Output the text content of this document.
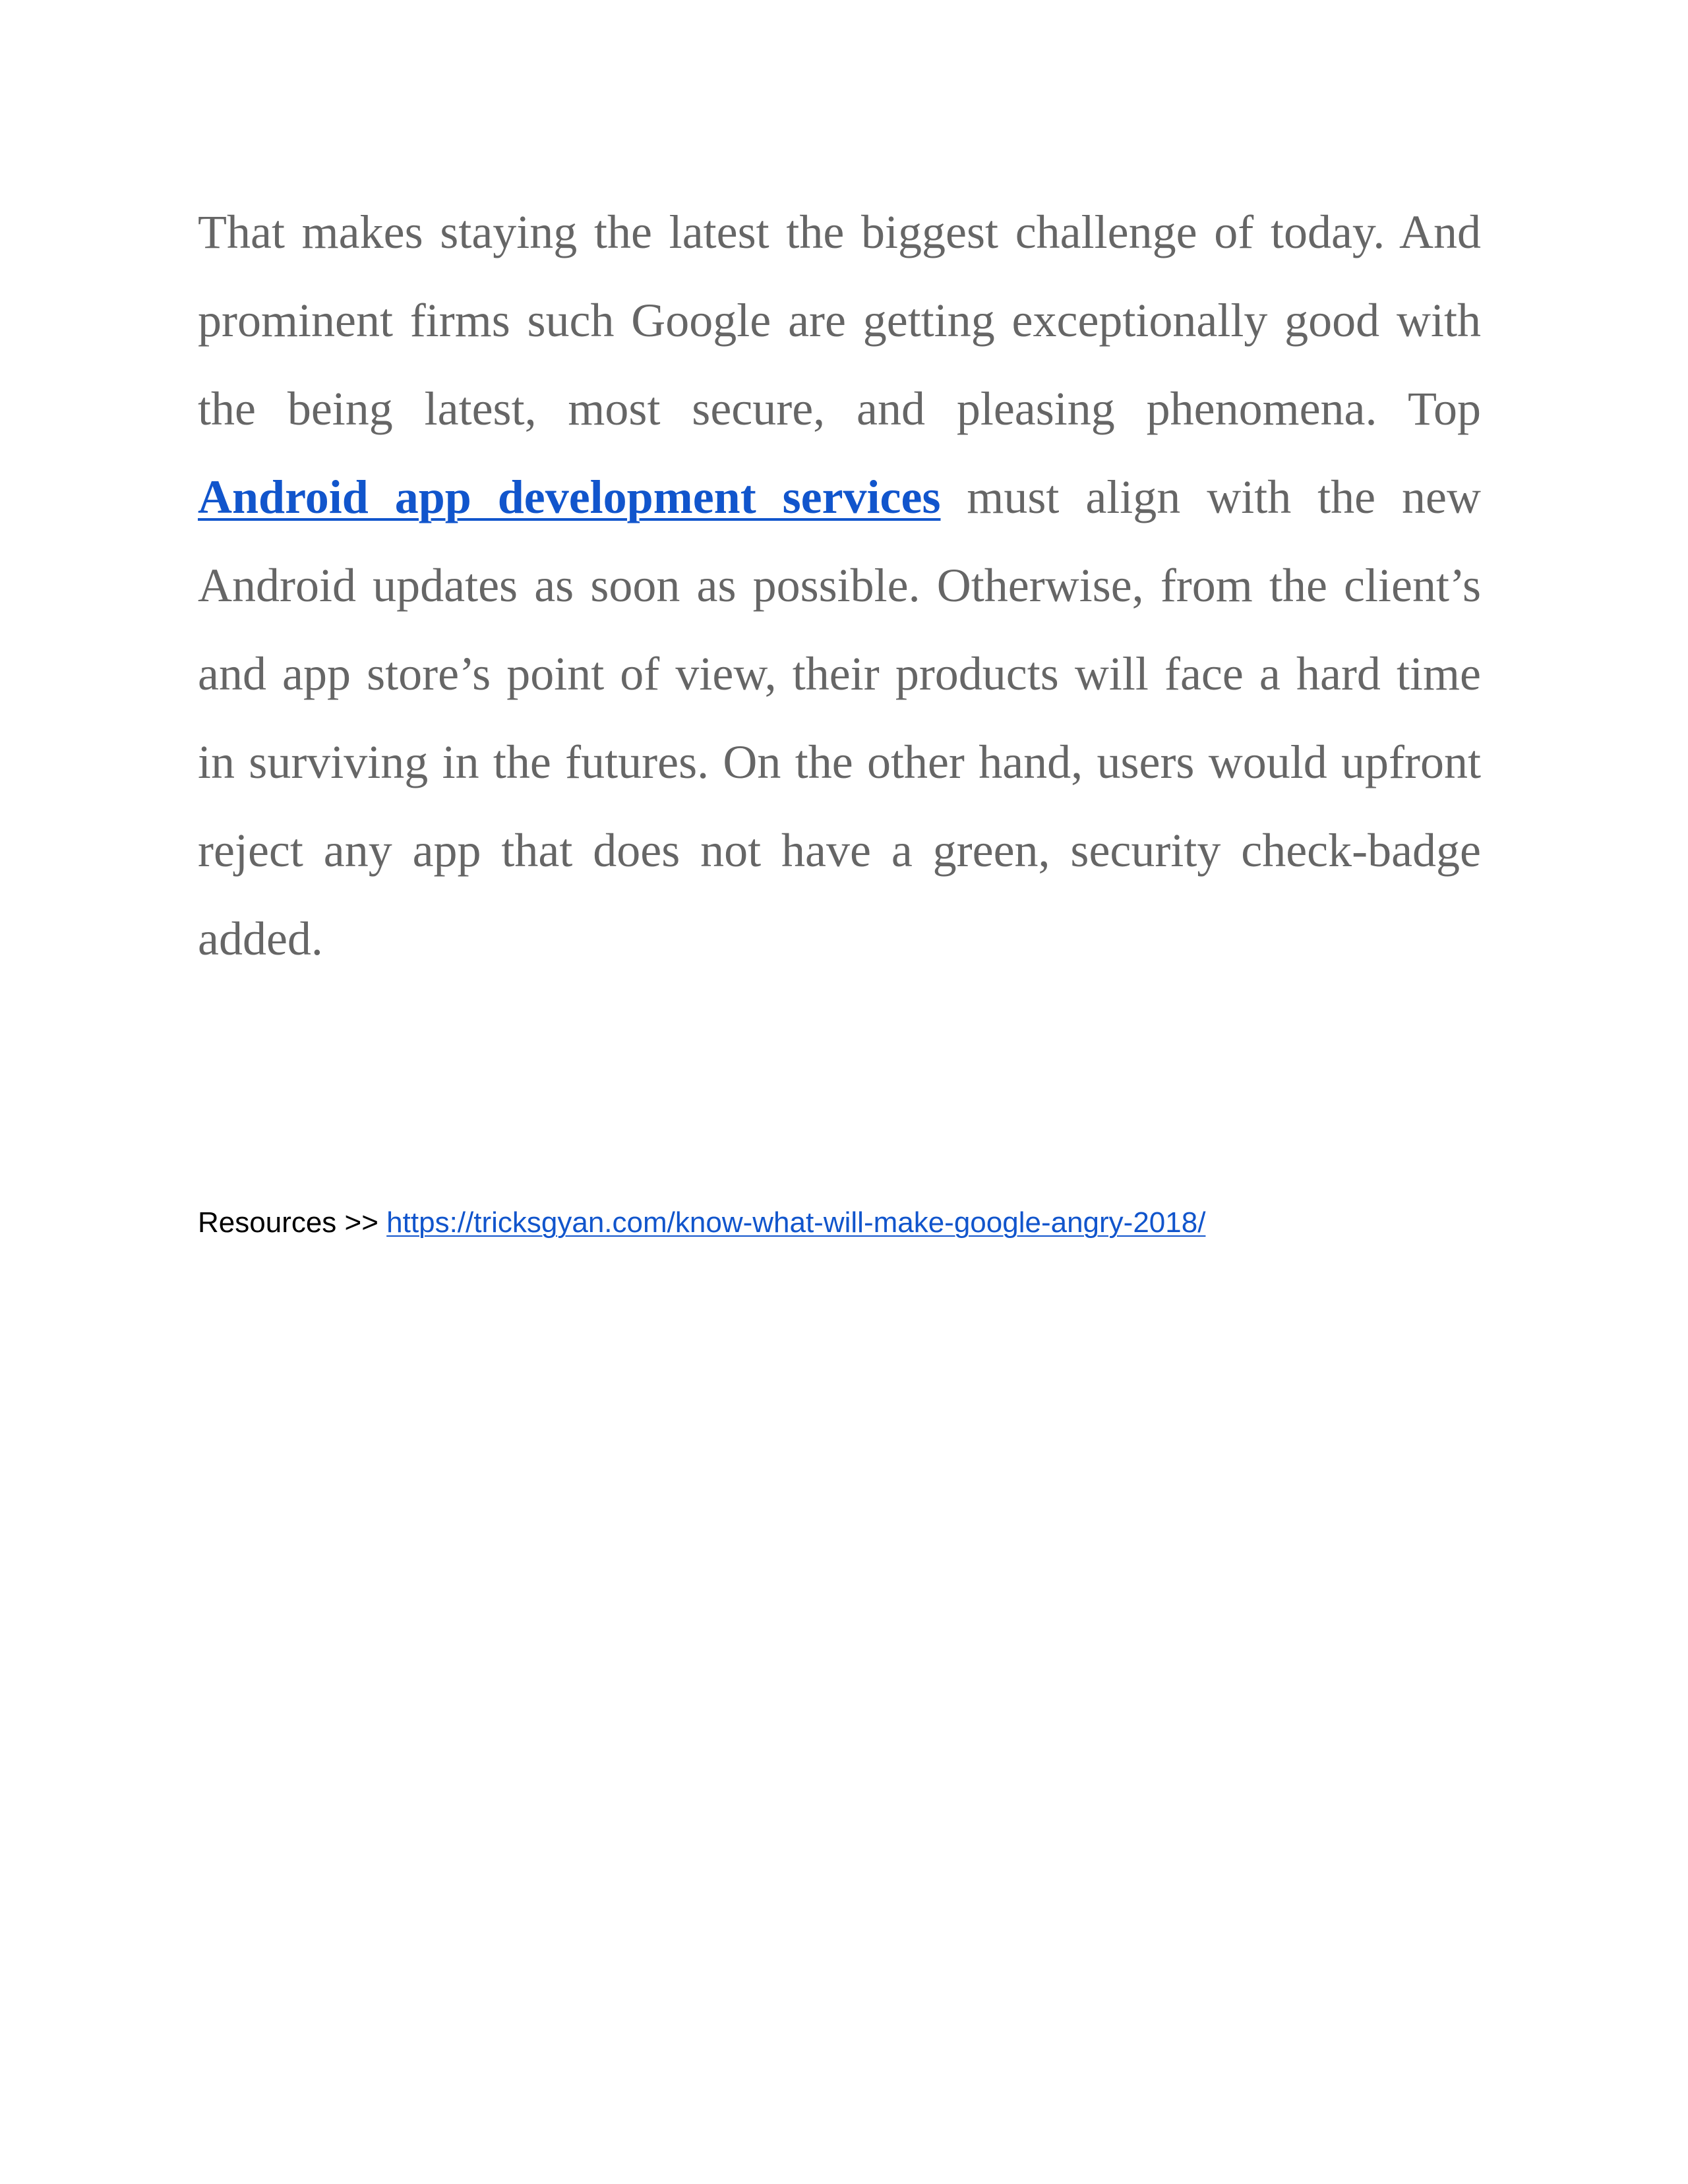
That makes staying the latest the biggest challenge of today. And prominent firms such Google are getting exceptionally good with the being latest, most secure, and pleasing phenomena. Top Android app development services must align with the new Android updates as soon as possible. Otherwise, from the client’s and app store’s point of view, their products will face a hard time in surviving in the futures. On the other hand, users would upfront reject any app that does not have a green, security check-badge added.

Resources >> https://tricksgyan.com/know-what-will-make-google-angry-2018/
